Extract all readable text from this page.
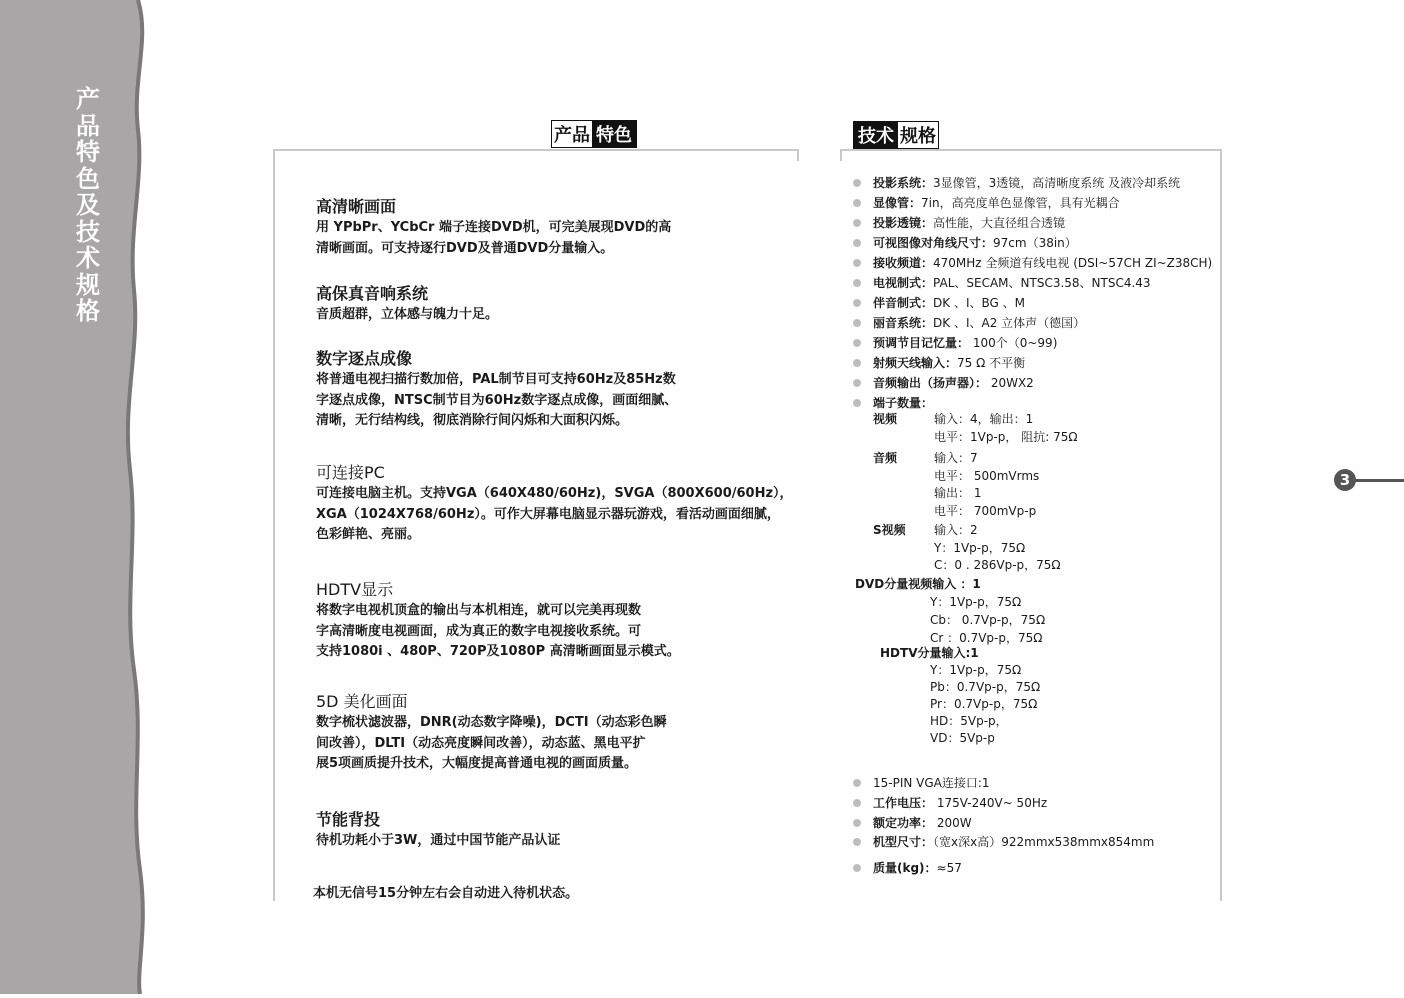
产
品
特
色
及
技
术
规
格
产品 特色
高清晰画面

用 YPbPr、YCbCr 端子连接DVD机，可完美展现DVD的高

清晰画面。可支持逐行DVD及普通DVD分量输入。

高保真音响系统

音质超群，立体感与魄力十足。

数字逐点成像

将普通电视扫描行数加倍，PAL制节目可支持60Hz及85Hz数

字逐点成像，NTSC制节目为60Hz数字逐点成像，画面细腻、

清晰，无行结构线，彻底消除行间闪烁和大面积闪烁。

可连接PC

可连接电脑主机。支持VGA（640X480/60Hz)，SVGA（800X600/60Hz），

XGA（1024X768/60Hz）。可作大屏幕电脑显示器玩游戏，看活动画面细腻，

色彩鲜艳、亮丽。

HDTV显示

将数字电视机顶盒的输出与本机相连，就可以完美再现数

字高清晰度电视画面，成为真正的数字电视接收系统。可

支持1080i 、480P、720P及1080P 高清晰画面显示模式。

5D 美化画面

数字梳状滤波器，DNR(动态数字降噪)，DCTI（动态彩色瞬

间改善），DLTI（动态亮度瞬间改善），动态蓝、黑电平扩

展5项画质提升技术，大幅度提高普通电视的画面质量。

节能背投

待机功耗小于3W，通过中国节能产品认证

本机无信号15分钟左右会自动进入待机状态。
技术 规格
投影系统：3显像管，3透镜，高清晰度系统 及液冷却系统
显像管：7in，高亮度单色显像管，具有光耦合
投影透镜：高性能，大直径组合透镜
可视图像对角线尺寸：97cm（38in）
接收频道：470MHz 全频道有线电视 (DSI~57CH ZI~Z38CH)
电视制式：PAL、SECAM、NTSC3.58、NTSC4.43
伴音制式：DK 、I、BG 、M
丽音系统：DK 、I、A2 立体声（德国）
预调节目记忆量： 100个（0~99)
射频天线输入：75 Ω 不平衡
音频输出（扬声器）： 20WX2
端子数量：
视频	输入：4，输出：1
电平：1Vp-p， 阻抗: 75Ω
音频	输入：7
电平： 500mVrms
输出： 1
电平： 700mVp-p
S视频 输入：2
Y：1Vp-p，75Ω
C：0 . 286Vp-p，75Ω
DVD分量视频输入 ：1
Y：1Vp-p，75Ω
Cb： 0.7Vp-p，75Ω
Cr ：0.7Vp-p，75Ω
HDTV分量输入:1
Y：1Vp-p，75Ω
Pb：0.7Vp-p，75Ω
Pr：0.7Vp-p，75Ω
HD：5Vp-p，
VD：5Vp-p
15-PIN VGA连接口:1
工作电压： 175V-240V~ 50Hz
额定功率： 200W
机型尺寸：（宽x深x高）922mmx538mmx854mm
质量(kg)：≈57
3
